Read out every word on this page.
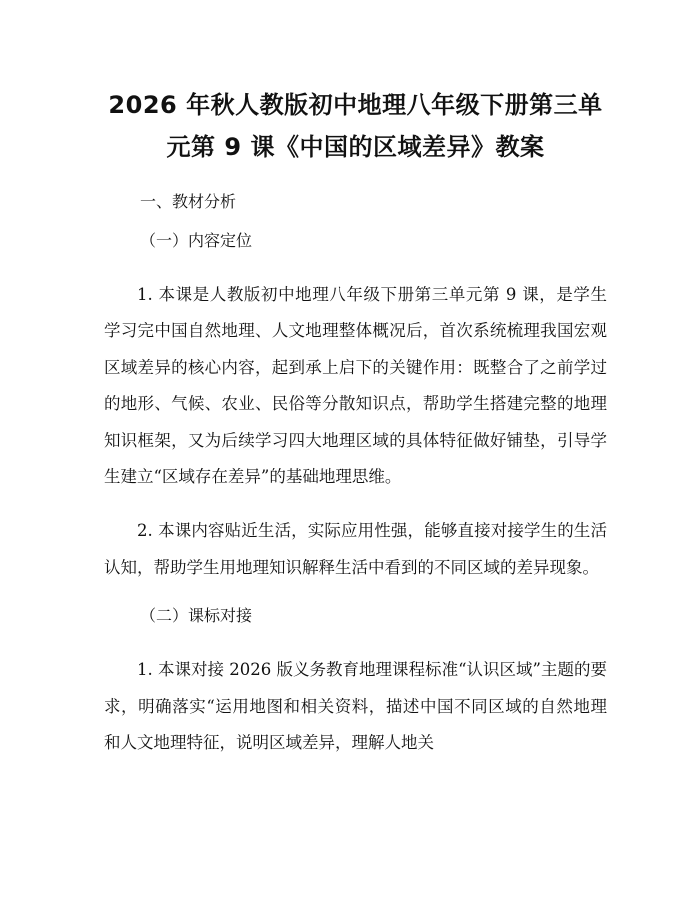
2026 年秋人教版初中地理八年级下册第三单
元第 9 课《中国的区域差异》教案

一、教材分析

（一）内容定位

1. 本课是人教版初中地理八年级下册第三单元第 9 课，是学生学习完中国自然地理、人文地理整体概况后，首次系统梳理我国宏观区域差异的核心内容，起到承上启下的关键作用：既整合了之前学过的地形、气候、农业、民俗等分散知识点，帮助学生搭建完整的地理知识框架，又为后续学习四大地理区域的具体特征做好铺垫，引导学生建立“区域存在差异”的基础地理思维。

2. 本课内容贴近生活，实际应用性强，能够直接对接学生的生活认知，帮助学生用地理知识解释生活中看到的不同区域的差异现象。

（二）课标对接

1. 本课对接 2026 版义务教育地理课程标准“认识区域”主题的要求，明确落实“运用地图和相关资料，描述中国不同区域的自然地理和人文地理特征，说明区域差异，理解人地关
